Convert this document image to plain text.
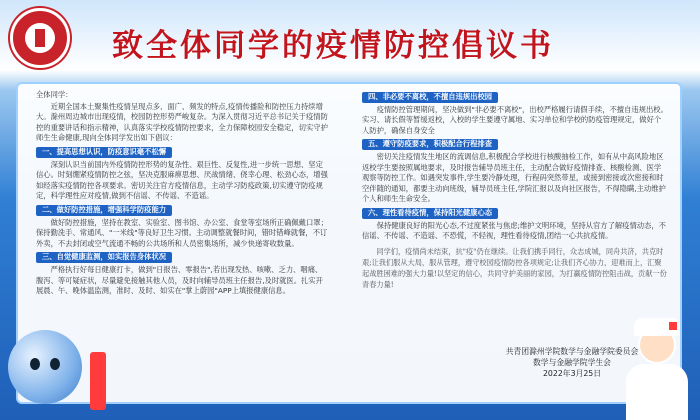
致全体同学的疫情防控倡议书
全体同学：
近期全国本土聚集性疫情呈现点多、面广、频发的特点,疫情传播险和防控压力持续增大。滁州周边城市出现疫情，校园防控形势严峻复杂。为深入贯彻习近平总书记关于疫情防控的重要讲话和指示精神，认真落实学校疫情防控要求，全力保障校园安全稳定，切实守护师生生命健康,现向全体同学发出如下倡议：
一、提高思想认识，防疫意识毫不松懈
深刻认识当前国内外疫情防控形势的复杂性、艰巨性、反复性,进一步统一思想、坚定信心。时刻绷紧疫情防控之弦，坚决克服麻痹思想、厌战情绪、侥幸心理、松劲心态，增强如经落实疫情防控各项要求。密切关注官方疫情信息，主动学习防疫政策,切实遵守防疫规定，科学理性应对疫情,做到不信谣、不传谣、不造谣。
二、做好防控措施，增强科学防疫能力
做好防控措施，坚持在教室、实验室、图书馆、办公室、食堂等室场所正确佩戴口罩；保持勤洗手、常通风、"一米线"等良好卫生习惯。主动调整就餐时间，错时错峰就餐，不订外卖，不去封闭或空气流通不畅的公共场所和人员密集场所，减少快递寄收数量。
三、自觉健康监测，如实报告身体状况
严格执行好每日健康打卡，做到"日报告、零报告",若出现发热、咳嗽、乏力、咽痛、腹泻、等可疑症状，尽量避免接触其他人员，及时向辅导员班主任报告,及时就医。扎实开展晨、午、晚体温监测，准时、及时、如实在"掌上蔚园"APP上填报健康信息。
四、非必要不离校，不擅自违规出校园
疫情防控管理期间，坚决做到"非必要不离校"，出校严格履行请假手续，不擅自违规出校。实习、请长假等暂缓返校，入校的学生要遵守属地、实习单位和学校的防疫管理规定，做好个人防护，确保自身安全
五、遵守防疫要求，积极配合行程排查
密切关注疫情发生地区的流调信息,积极配合学校进行核酸抽检工作，如有从中高风险地区返校学生要按照属地要求，及时报告辅导员班主任，主动配合做好疫情排查、核酸检测、医学观察等防控工作。如遇突发事件,学生要冷静处理，行程码突然带星，或接到密接或次密接和时空伴随的通知，都要主动向班级，辅导员班主任,学院汇报以及向社区报告，不得隐瞒,主动维护个人和师生生命安全。
六、理性看待疫情，保持阳光健康心态
保持健康良好的阳光心态,不过度紧张与焦虑;维护文明环境，坚持从官方了解疫情动态，不信谣、不传谣、不造谣、不恐慌，不轻视，理性看待疫情,团结一心共抗疫情。
同学们，疫情尚未结束，抗"疫"仍在继续。让我们携手同行，众志成城，同舟共济，共克时艰;让我们服从大局，服从管理，遵守校园疫情防控各项规定;让我们齐心协力，迎难而上，汇聚起战胜困难的强大力量!以坚定的信心，共同守护美丽的家园，为打赢疫情防控阻击战，贡献一份青春力量!
共青团滁州学院数学与金融学院委员会
数学与金融学院学生会
2022年3月25日
